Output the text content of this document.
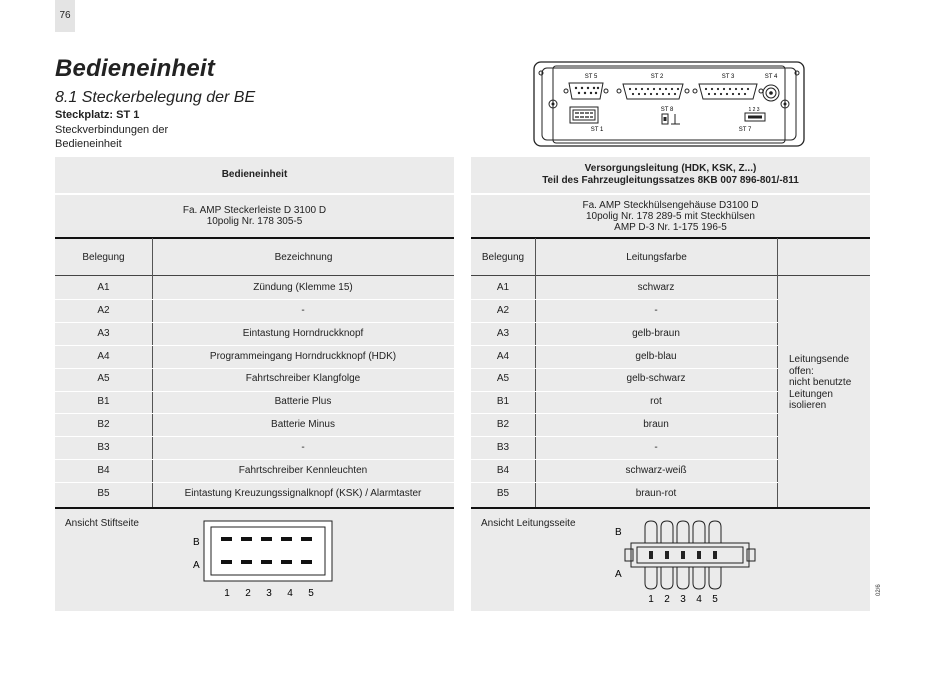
76
Bedieneinheit
8.1 Steckerbelegung der BE
Steckplatz: ST 1
Steckverbindungen der Bedieneinheit
ST 5	ST 2	ST 3	ST 4
ST 1
ST 8	1 2 3
ST 7
Bedieneinheit
Fa. AMP Steckerleiste D 3100 D
10polig Nr. 178 305-5
Belegung	Bezeichnung
A1	Zündung (Klemme 15)
A2	-
A3	Eintastung Horndruckknopf
A4	Programmeingang Horndruckknopf (HDK)
A5	Fahrtschreiber Klangfolge
B1	Batterie Plus
B2	Batterie Minus
B3	-
B4	Fahrtschreiber Kennleuchten
B5	Eintastung Kreuzungssignalknopf (KSK) / Alarmtaster
Ansicht Stiftseite
B
A
1 2 3 4 5
Versorgungsleitung (HDK, KSK, Z...)
Teil des Fahrzeugleitungssatzes 8KB 007 896-801/-811
Fa. AMP Steckhülsengehäuse D3100 D
10polig Nr. 178 289-5 mit Steckhülsen
AMP D-3 Nr. 1-175 196-5
Belegung	Leitungsfarbe
A1	schwarz
A2	-
A3	gelb-braun
A4	gelb-blau
A5	gelb-schwarz
B1	rot
B2	braun
B3	-
B4	schwarz-weiß
B5	braun-rot
Leitungsende
offen:
nicht benutzte
Leitungen
isolieren
Ansicht Leitungsseite
B
A
1 2 3 4 5
02/6
